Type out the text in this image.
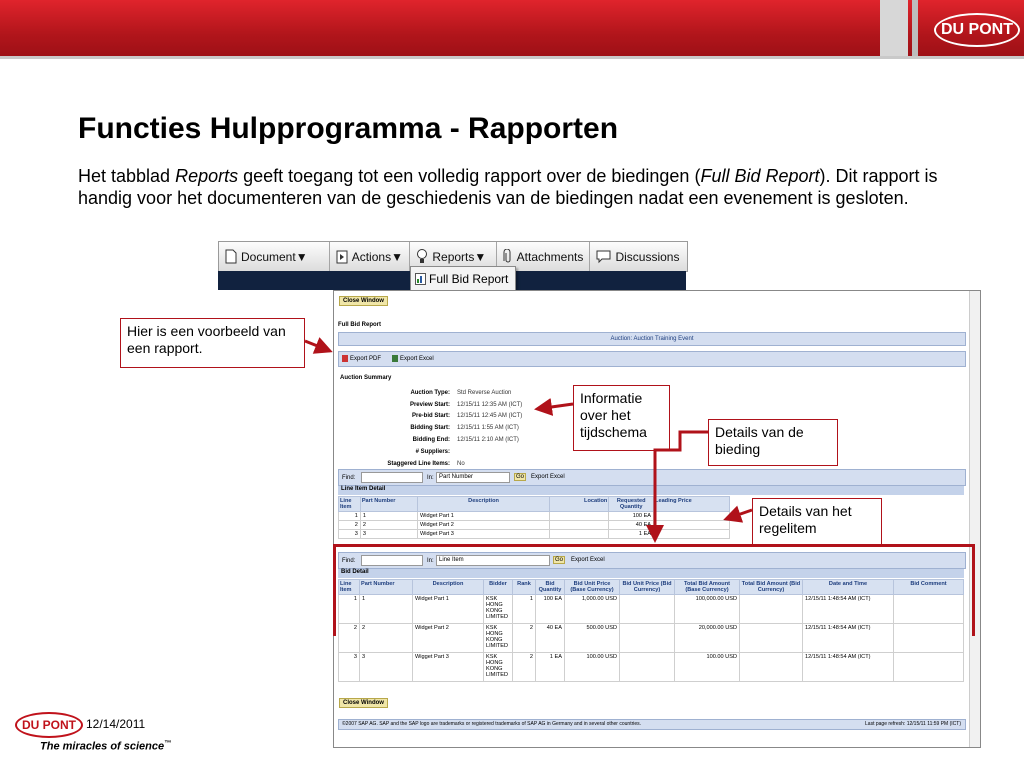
DU PONT
Functies Hulpprogramma - Rapporten
Het tabblad Reports geeft toegang tot een volledig rapport over de biedingen (Full Bid Report). Dit rapport is handig voor het documenteren van de geschiedenis van de biedingen nadat een evenement is gesloten.
Document▼	Actions▼ Reports▼	Attachments	Discussions
Full Bid Report
Close Window
Full Bid Report
Auction: Auction Training Event
Export PDF	Export Excel
Auction Summary
Auction Type: Std Reverse Auction
Preview Start: 12/15/11 12:35 AM (ICT)
Pre-bid Start: 12/15/11 12:45 AM (ICT)
Bidding Start: 12/15/11 1:55 AM (ICT)
Bidding End: 12/15/11 2:10 AM (ICT)
# Suppliers:
Staggered Line Items: No
Find:	In: Part Number	Go	Export Excel
Line Item Detail
Line Item	Part Number	Description	Location	Requested Quantity	Leading Price
1	1	Widget Part 1		100 EA	
2	2	Widget Part 2		40 EA	
3	3	Widget Part 3		1 EA	
Find:	In: Line Item	Go	Export Excel
Bid Detail
Line Item	Part Number	Description	Bidder	Rank	Bid Quantity	Bid Unit Price (Base Currency)	Bid Unit Price (Bid Currency)	Total Bid Amount (Base Currency)	Total Bid Amount (Bid Currency)	Date and Time	Bid Comment
1	1	Widget Part 1	KSK HONG KONG LIMITED	1	100 EA	1,000.00 USD		100,000.00 USD		12/15/11 1:48:54 AM (ICT)	
2	2	Widget Part 2	KSK HONG KONG LIMITED	2	40 EA	500.00 USD		20,000.00 USD		12/15/11 1:48:54 AM (ICT)	
3	3	Wigget Part 3	KSK HONG KONG LIMITED	2	1 EA	100.00 USD		100.00 USD		12/15/11 1:48:54 AM (ICT)	
Close Window
©2007 SAP AG. SAP and the SAP logo are trademarks or registered trademarks of SAP AG in Germany and in several other countries.	Last page refresh: 12/15/11 11:59 PM (ICT)
Hier is een voorbeeld van een rapport.
Informatie over het tijdschema	Details van de bieding
Details van het regelitem
DU PONT 12/14/2011
The miracles of science™
